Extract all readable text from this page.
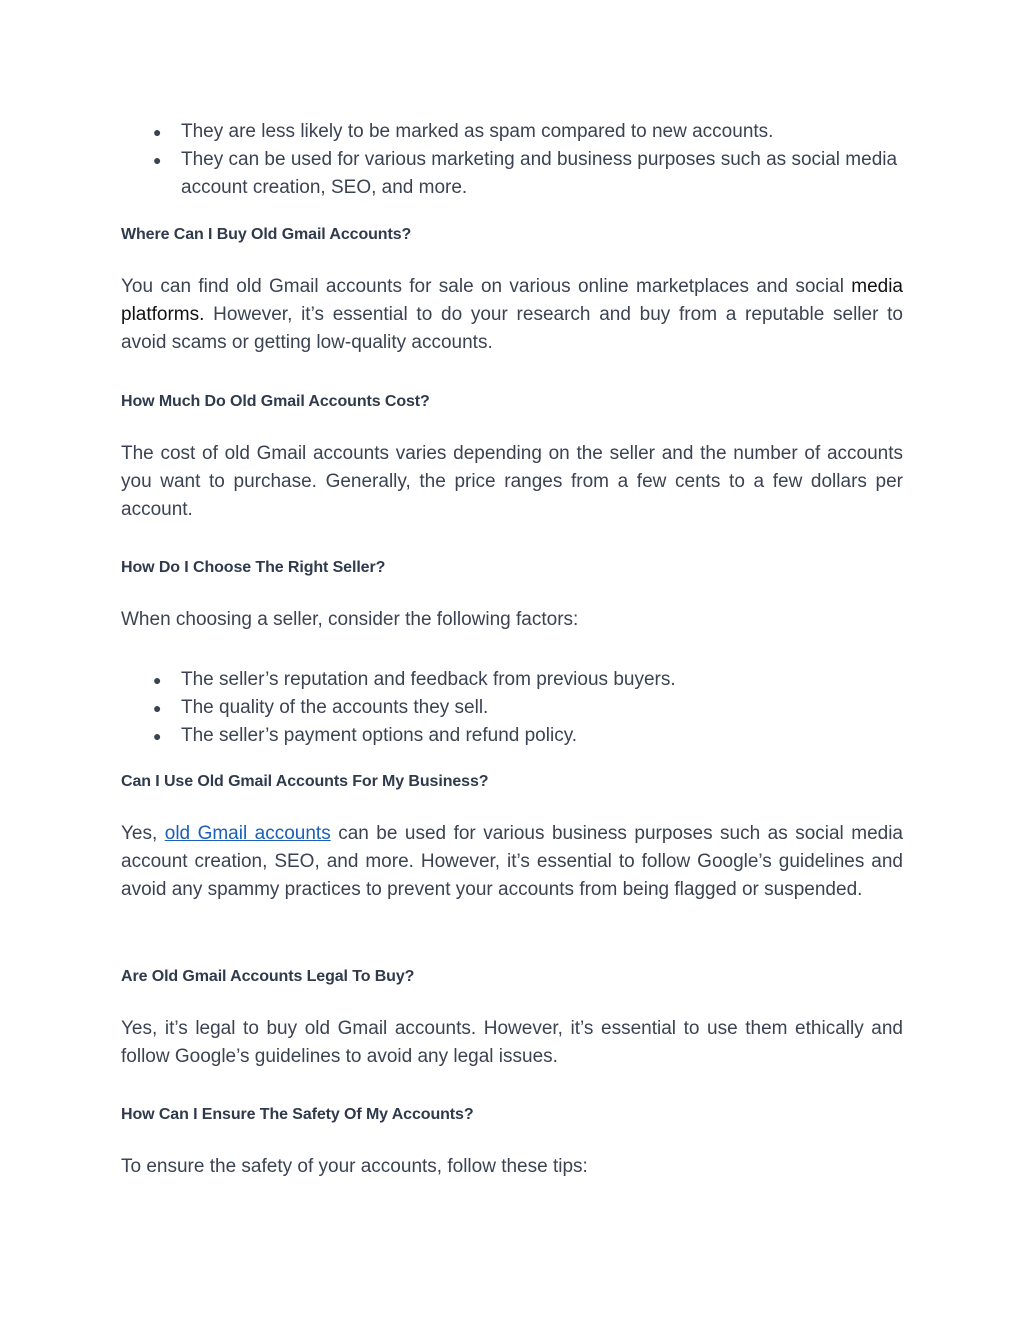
● They are less likely to be marked as spam compared to new accounts.
● They can be used for various marketing and business purposes such as social media account creation, SEO, and more.
Where Can I Buy Old Gmail Accounts?

You can find old Gmail accounts for sale on various online marketplaces and social media platforms. However, it’s essential to do your research and buy from a reputable seller to avoid scams or getting low-quality accounts.

How Much Do Old Gmail Accounts Cost?

The cost of old Gmail accounts varies depending on the seller and the number of accounts you want to purchase. Generally, the price ranges from a few cents to a few dollars per account.

How Do I Choose The Right Seller?

When choosing a seller, consider the following factors:

● The seller’s reputation and feedback from previous buyers.
● The quality of the accounts they sell.
● The seller’s payment options and refund policy.
Can I Use Old Gmail Accounts For My Business?

Yes, old Gmail accounts can be used for various business purposes such as social media account creation, SEO, and more. However, it’s essential to follow Google’s guidelines and avoid any spammy practices to prevent your accounts from being flagged or suspended.

Are Old Gmail Accounts Legal To Buy?

Yes, it’s legal to buy old Gmail accounts. However, it’s essential to use them ethically and follow Google’s guidelines to avoid any legal issues.

How Can I Ensure The Safety Of My Accounts?

To ensure the safety of your accounts, follow these tips:
